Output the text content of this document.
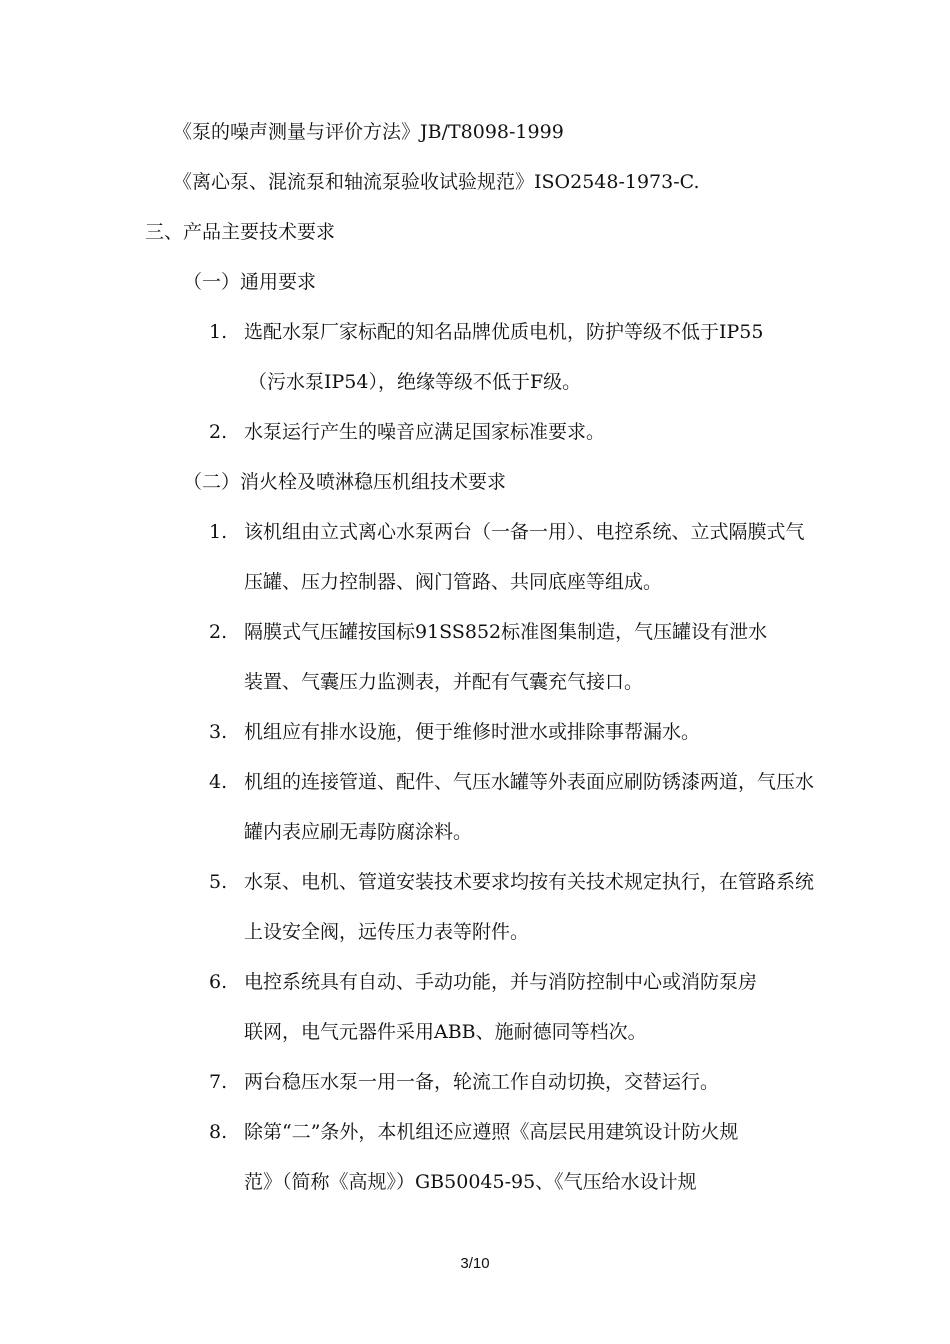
《泵的噪声测量与评价方法》JB/T8098-1999
《离心泵、混流泵和轴流泵验收试验规范》ISO2548-1973-C.
三、产品主要技术要求
（一）通用要求
1. 选配水泵厂家标配的知名品牌优质电机，防护等级不低于IP55
（污水泵IP54），绝缘等级不低于F级。
2. 水泵运行产生的噪音应满足国家标准要求。
（二）消火栓及喷淋稳压机组技术要求
1. 该机组由立式离心水泵两台（一备一用）、电控系统、立式隔膜式气
压罐、压力控制器、阀门管路、共同底座等组成。
2. 隔膜式气压罐按国标91SS852标准图集制造，气压罐设有泄水
装置、气囊压力监测表，并配有气囊充气接口。
3. 机组应有排水设施，便于维修时泄水或排除事帮漏水。
4. 机组的连接管道、配件、气压水罐等外表面应刷防锈漆两道，气压水
罐内表应刷无毒防腐涂料。
5. 水泵、电机、管道安装技术要求均按有关技术规定执行，在管路系统
上设安全阀，远传压力表等附件。
6. 电控系统具有自动、手动功能，并与消防控制中心或消防泵房
联网，电气元器件采用ABB、施耐德同等档次。
7. 两台稳压水泵一用一备，轮流工作自动切换，交替运行。
8. 除第“二”条外，本机组还应遵照《高层民用建筑设计防火规
范》（简称《高规》）GB50045-95、《气压给水设计规
3/10
